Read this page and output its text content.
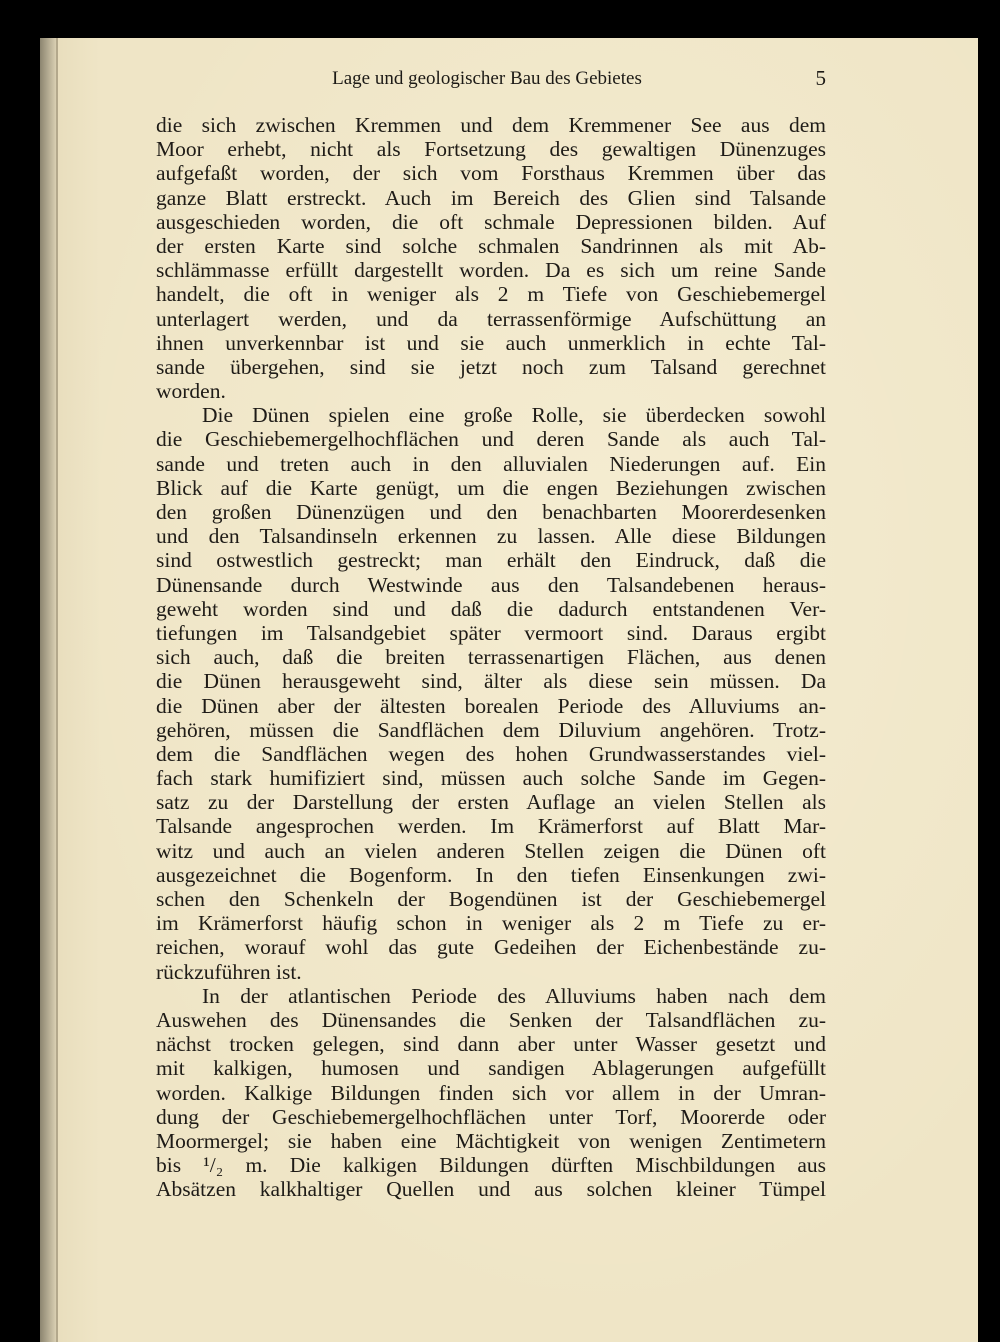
Lage und geologischer Bau des Gebietes	5
die sich zwischen Kremmen und dem Kremmener See aus dem
Moor erhebt, nicht als Fortsetzung des gewaltigen Dünenzuges
aufgefaßt worden, der sich vom Forsthaus Kremmen über das
ganze Blatt erstreckt. Auch im Bereich des Glien sind Talsande
ausgeschieden worden, die oft schmale Depressionen bilden. Auf
der ersten Karte sind solche schmalen Sandrinnen als mit Ab-
schlämmasse erfüllt dargestellt worden. Da es sich um reine Sande
handelt, die oft in weniger als 2 m Tiefe von Geschiebemergel
unterlagert werden, und da terrassenförmige Aufschüttung an
ihnen unverkennbar ist und sie auch unmerklich in echte Tal-
sande übergehen, sind sie jetzt noch zum Talsand gerechnet
worden.
Die Dünen spielen eine große Rolle, sie überdecken sowohl
die Geschiebemergelhochflächen und deren Sande als auch Tal-
sande und treten auch in den alluvialen Niederungen auf. Ein
Blick auf die Karte genügt, um die engen Beziehungen zwischen
den großen Dünenzügen und den benachbarten Moorerdesenken
und den Talsandinseln erkennen zu lassen. Alle diese Bildungen
sind ostwestlich gestreckt; man erhält den Eindruck, daß die
Dünensande durch Westwinde aus den Talsandebenen heraus-
geweht worden sind und daß die dadurch entstandenen Ver-
tiefungen im Talsandgebiet später vermoort sind. Daraus ergibt
sich auch, daß die breiten terrassenartigen Flächen, aus denen
die Dünen herausgeweht sind, älter als diese sein müssen. Da
die Dünen aber der ältesten borealen Periode des Alluviums an-
gehören, müssen die Sandflächen dem Diluvium angehören. Trotz-
dem die Sandflächen wegen des hohen Grundwasserstandes viel-
fach stark humifiziert sind, müssen auch solche Sande im Gegen-
satz zu der Darstellung der ersten Auflage an vielen Stellen als
Talsande angesprochen werden. Im Krämerforst auf Blatt Mar-
witz und auch an vielen anderen Stellen zeigen die Dünen oft
ausgezeichnet die Bogenform. In den tiefen Einsenkungen zwi-
schen den Schenkeln der Bogendünen ist der Geschiebemergel
im Krämerforst häufig schon in weniger als 2 m Tiefe zu er-
reichen, worauf wohl das gute Gedeihen der Eichenbestände zu-
rückzuführen ist.
In der atlantischen Periode des Alluviums haben nach dem
Auswehen des Dünensandes die Senken der Talsandflächen zu-
nächst trocken gelegen, sind dann aber unter Wasser gesetzt und
mit kalkigen, humosen und sandigen Ablagerungen aufgefüllt
worden. Kalkige Bildungen finden sich vor allem in der Umran-
dung der Geschiebemergelhochflächen unter Torf, Moorerde oder
Moormergel; sie haben eine Mächtigkeit von wenigen Zentimetern
bis ¹/₂ m. Die kalkigen Bildungen dürften Mischbildungen aus
Absätzen kalkhaltiger Quellen und aus solchen kleiner Tümpel
